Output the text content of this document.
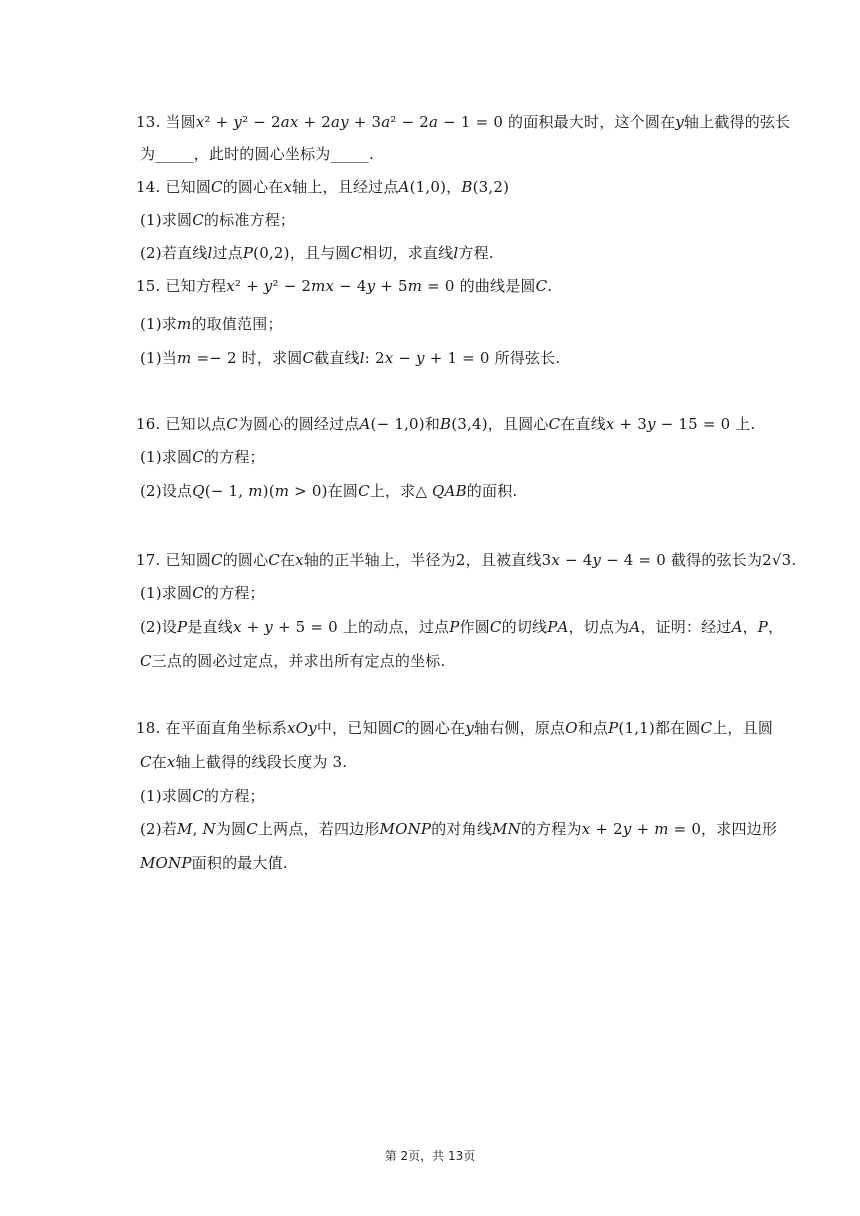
13. 当圆𝑥² + 𝑦² − 2𝑎𝑥 + 2𝑎𝑦 + 3𝑎² − 2𝑎 − 1 = 0 的面积最大时，这个圆在𝑦轴上截得的弦长
为_____，此时的圆心坐标为_____.
14. 已知圆𝐶的圆心在𝑥轴上，且经过点𝐴(1,0)，𝐵(3,2)
(1)求圆𝐶的标准方程；
(2)若直线𝑙过点𝑃(0,2)，且与圆𝐶相切，求直线𝑙方程.
15. 已知方程𝑥² + 𝑦² − 2𝑚𝑥 − 4𝑦 + 5𝑚 = 0 的曲线是圆𝐶.
(1)求𝑚的取值范围；
(1)当𝑚 =− 2 时，求圆𝐶截直线𝑙: 2𝑥 − 𝑦 + 1 = 0 所得弦长.
16. 已知以点𝐶为圆心的圆经过点𝐴(− 1,0)和𝐵(3,4)，且圆心𝐶在直线𝑥 + 3𝑦 − 15 = 0 上.
(1)求圆𝐶的方程；
(2)设点𝑄(− 1, 𝑚)(𝑚 > 0)在圆𝐶上，求△ 𝑄𝐴𝐵的面积.
17. 已知圆𝐶的圆心𝐶在𝑥轴的正半轴上，半径为2，且被直线3𝑥 − 4𝑦 − 4 = 0 截得的弦长为2√3.
(1)求圆𝐶的方程；
(2)设𝑃是直线𝑥 + 𝑦 + 5 = 0 上的动点，过点𝑃作圆𝐶的切线𝑃𝐴，切点为𝐴，证明：经过𝐴，𝑃，
𝐶三点的圆必过定点，并求出所有定点的坐标.
18. 在平面直角坐标系𝑥𝑂𝑦中，已知圆𝐶的圆心在𝑦轴右侧，原点𝑂和点𝑃(1,1)都在圆𝐶上，且圆
𝐶在𝑥轴上截得的线段长度为 3.
(1)求圆𝐶的方程；
(2)若𝑀, 𝑁为圆𝐶上两点，若四边形𝑀𝑂𝑁𝑃的对角线𝑀𝑁的方程为𝑥 + 2𝑦 + 𝑚 = 0，求四边形
𝑀𝑂𝑁𝑃面积的最大值.
第 2页，共 13页
